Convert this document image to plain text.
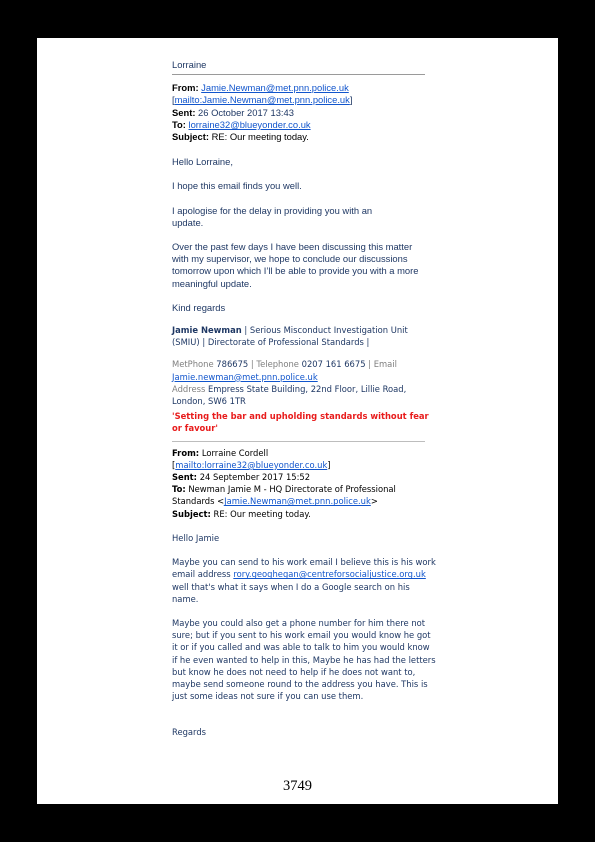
Lorraine
From: Jamie.Newman@met.pnn.police.uk
[mailto:Jamie.Newman@met.pnn.police.uk]
Sent: 26 October 2017 13:43
To: lorraine32@blueyonder.co.uk
Subject: RE: Our meeting today.
Hello Lorraine,
I hope this email finds you well.
I apologise for the delay in providing you with an update.
Over the past few days I have been discussing this matter with my supervisor, we hope to conclude our discussions tomorrow upon which I’ll be able to provide you with a more meaningful update.
Kind regards
Jamie Newman | Serious Misconduct Investigation Unit (SMIU) | Directorate of Professional Standards |
MetPhone 786675 | Telephone 0207 161 6675 | Email
Jamie.newman@met.pnn.police.uk
Address Empress State Building, 22nd Floor, Lillie Road, London, SW6 1TR
'Setting the bar and upholding standards without fear or favour'
From: Lorraine Cordell
[mailto:lorraine32@blueyonder.co.uk]
Sent: 24 September 2017 15:52
To: Newman Jamie M - HQ Directorate of Professional Standards <Jamie.Newman@met.pnn.police.uk>
Subject: RE: Our meeting today.
Hello Jamie
Maybe you can send to his work email I believe this is his work email address rory.geoghegan@centreforsocialjustice.org.uk well that's what it says when I do a Google search on his name.
Maybe you could also get a phone number for him there not sure; but if you sent to his work email you would know he got it or if you called and was able to talk to him you would know if he even wanted to help in this, Maybe he has had the letters but know he does not need to help if he does not want to, maybe send someone round to the address you have. This is just some ideas not sure if you can use them.
Regards
3749
